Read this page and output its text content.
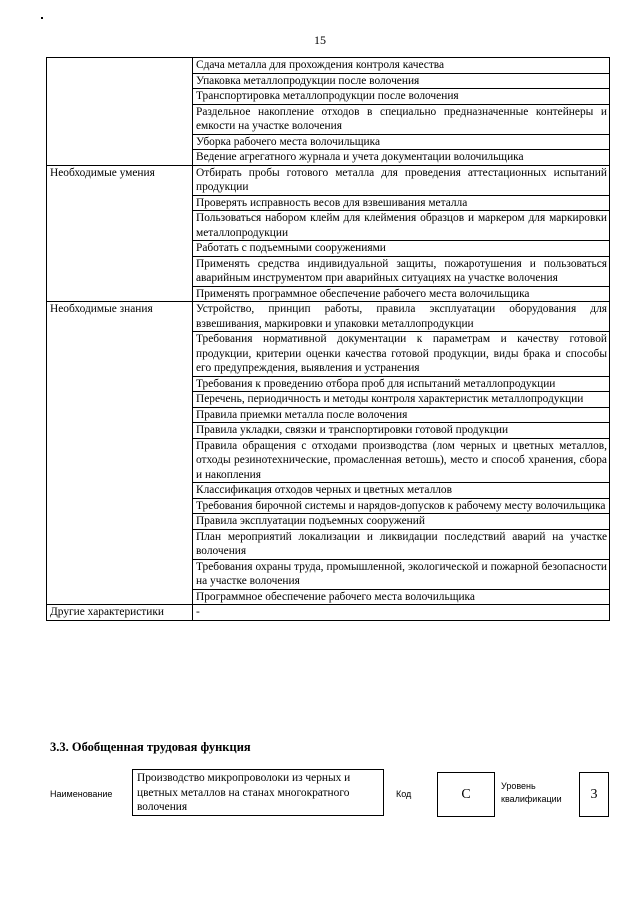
15
	Сдача металла для прохождения контроля качества
	Упаковка металлопродукции после волочения
	Транспортировка металлопродукции после волочения
	Раздельное накопление отходов в специально предназначенные контейнеры и емкости на участке волочения
	Уборка рабочего места волочильщика
	Ведение агрегатного журнала и учета документации волочильщика
Необходимые умения	Отбирать пробы готового металла для проведения аттестационных испытаний продукции
	Проверять исправность весов для взвешивания металла
	Пользоваться набором клейм для клеймения образцов и маркером для маркировки металлопродукции
	Работать с подъемными сооружениями
	Применять средства индивидуальной защиты, пожаротушения и пользоваться аварийным инструментом при аварийных ситуациях на участке волочения
	Применять программное обеспечение рабочего места волочильщика
Необходимые знания	Устройство, принцип работы, правила эксплуатации оборудования для взвешивания, маркировки и упаковки металлопродукции
	Требования нормативной документации к параметрам и качеству готовой продукции, критерии оценки качества готовой продукции, виды брака и способы его предупреждения, выявления и устранения
	Требования к проведению отбора проб для испытаний металлопродукции
	Перечень, периодичность и методы контроля характеристик металлопродукции
	Правила приемки металла после волочения
	Правила укладки, связки и транспортировки готовой продукции
	Правила обращения с отходами производства (лом черных и цветных металлов, отходы резинотехнические, промасленная ветошь), место и способ хранения, сбора и накопления
	Классификация отходов черных и цветных металлов
	Требования бирочной системы и нарядов-допусков к рабочему месту волочильщика
	Правила эксплуатации подъемных сооружений
	План мероприятий локализации и ликвидации последствий аварий на участке волочения
	Требования охраны труда, промышленной, экологической и пожарной безопасности на участке волочения
	Программное обеспечение рабочего места волочильщика
Другие характеристики	-
3.3. Обобщенная трудовая функция
Наименование
Производство микропроволоки из черных и цветных металлов на станах многократного волочения
Код	C
Уровень
квалификации	3
